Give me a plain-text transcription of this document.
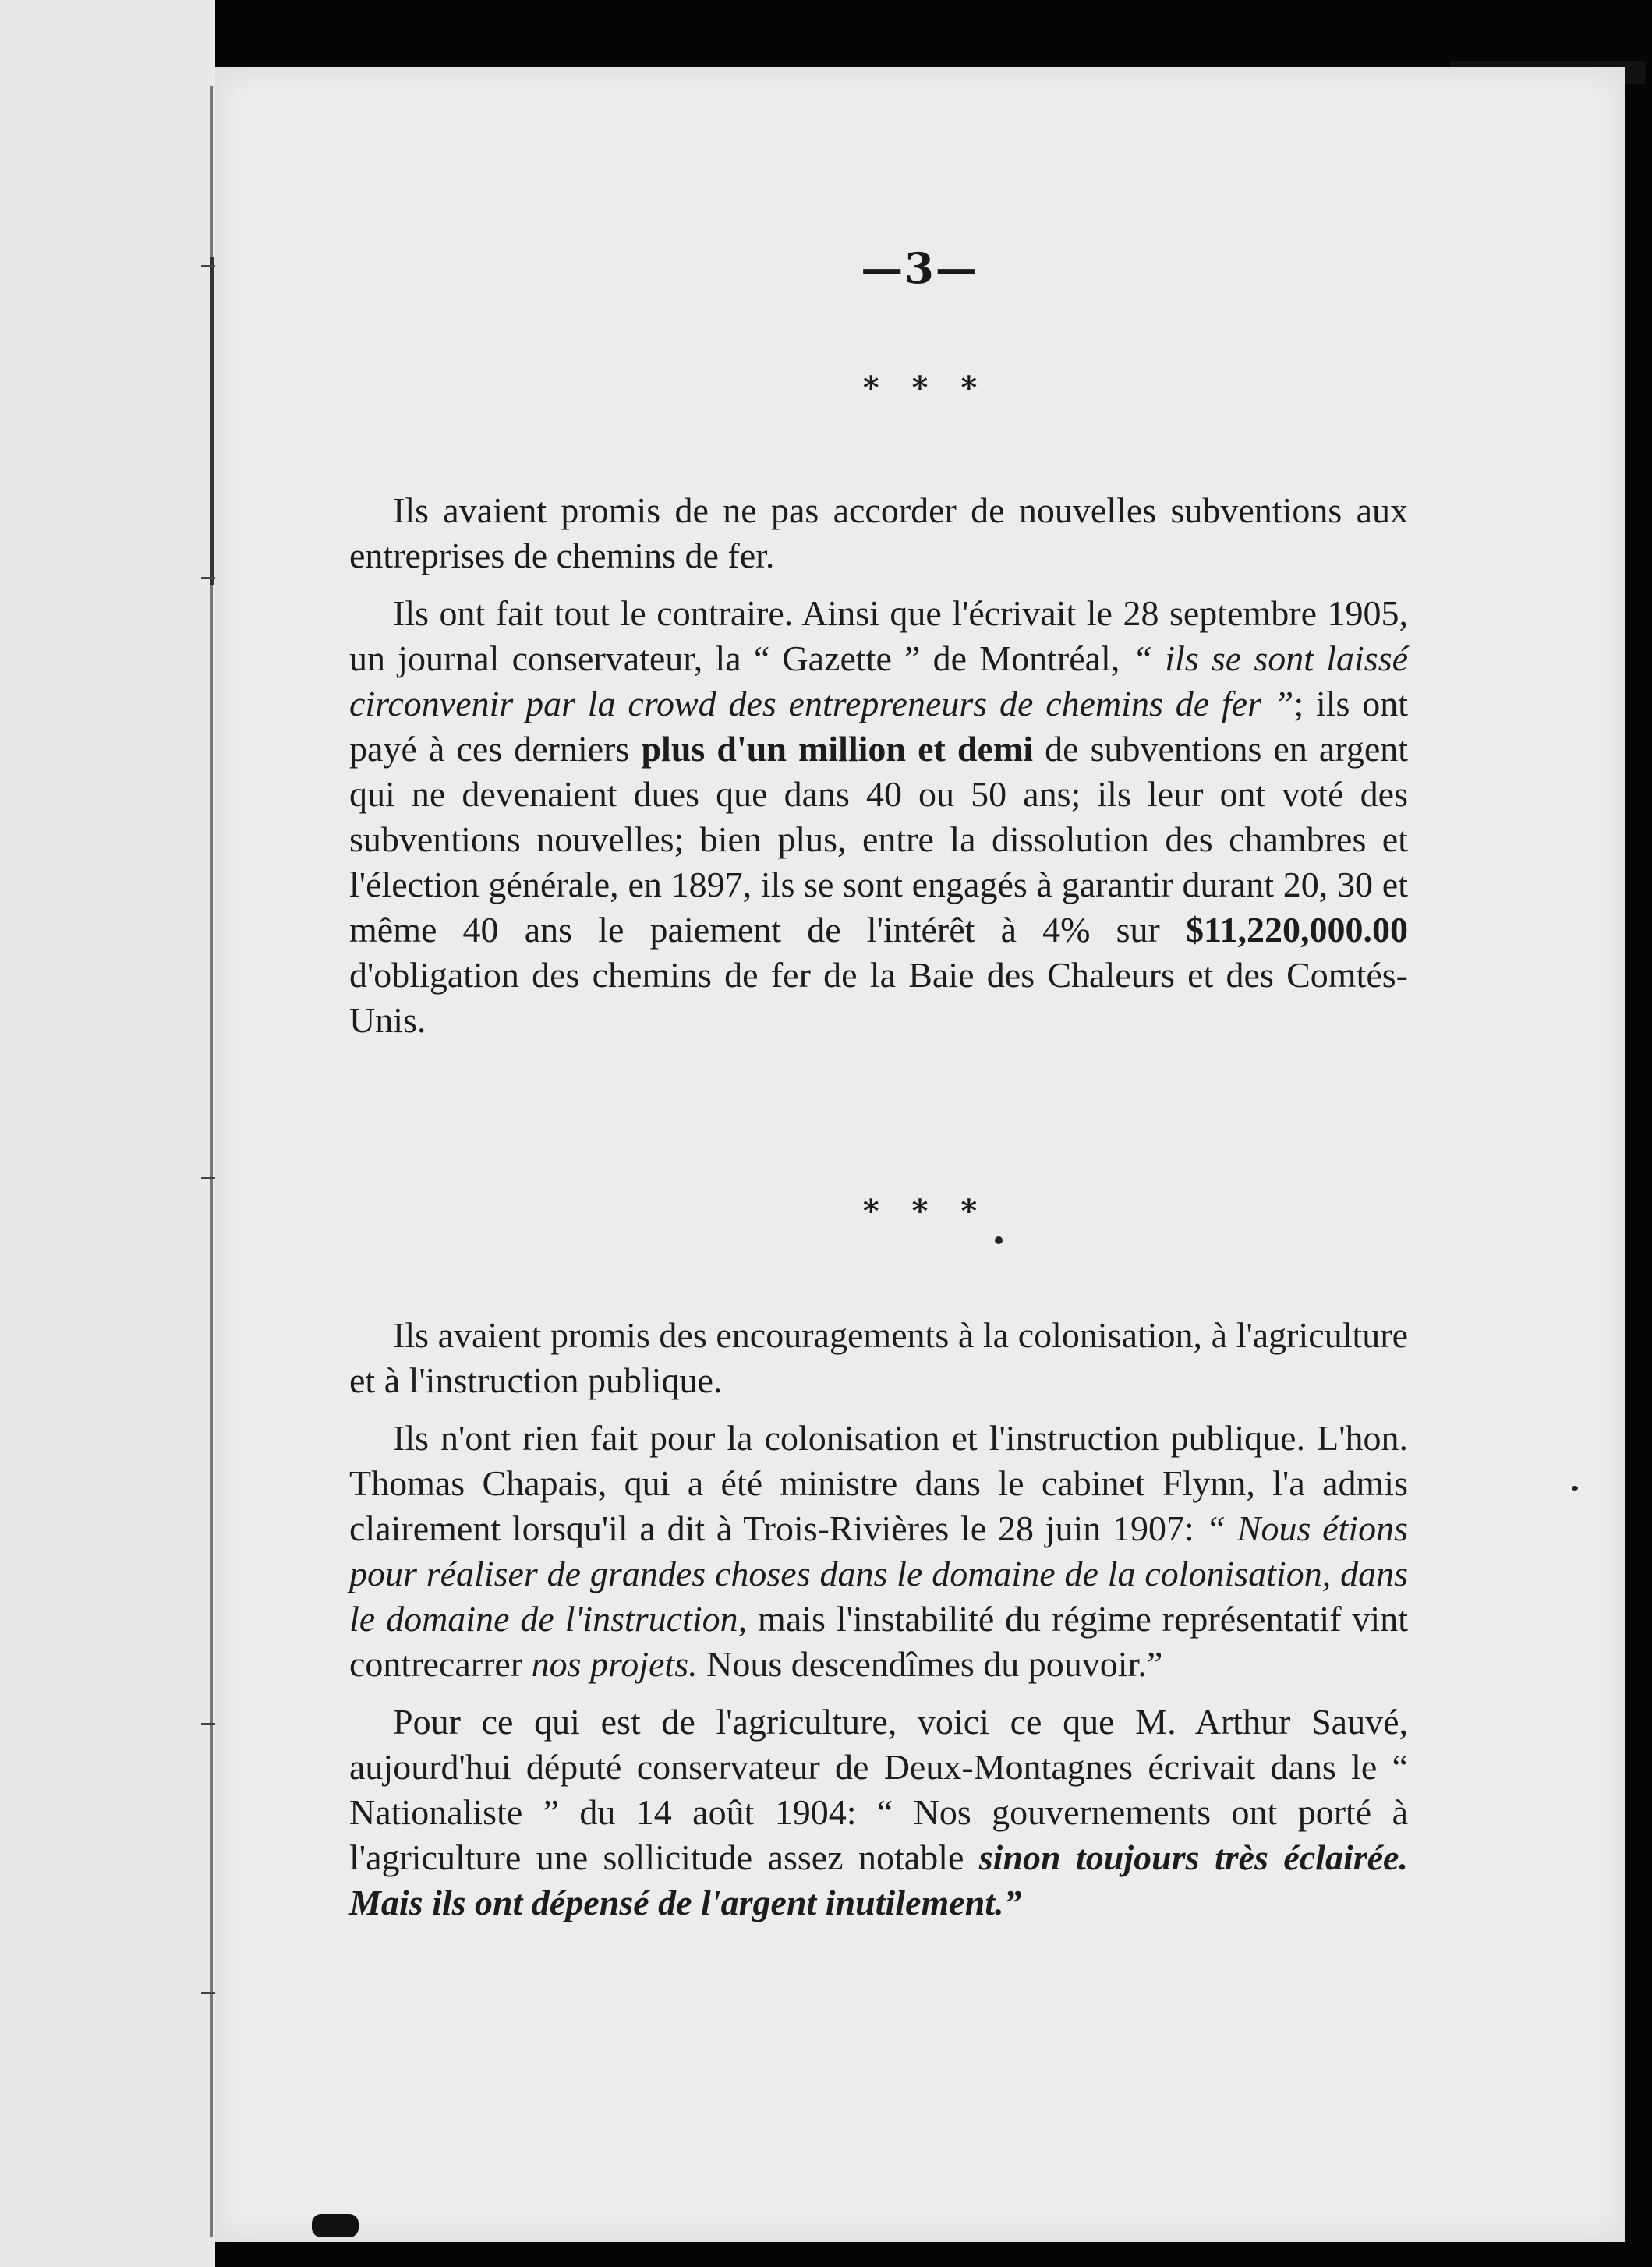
—3—
* * *

Ils avaient promis de ne pas accorder de nouvelles subventions aux entreprises de chemins de fer.

Ils ont fait tout le contraire. Ainsi que l'écrivait le 28 septembre 1905, un journal conservateur, la “ Gazette ” de Montréal, “ ils se sont laissé circonvenir par la crowd des entrepreneurs de chemins de fer ”; ils ont payé à ces derniers plus d'un million et demi de subventions en argent qui ne devenaient dues que dans 40 ou 50 ans; ils leur ont voté des subventions nouvelles; bien plus, entre la dissolution des chambres et l'élection générale, en 1897, ils se sont engagés à garantir durant 20, 30 et même 40 ans le paiement de l'intérêt à 4% sur $11,220,000.00 d'obligation des chemins de fer de la Baie des Chaleurs et des Comtés-Unis.

* * *

Ils avaient promis des encouragements à la colonisation, à l'agriculture et à l'instruction publique.

Ils n'ont rien fait pour la colonisation et l'instruction publique. L'hon. Thomas Chapais, qui a été ministre dans le cabinet Flynn, l'a admis clairement lorsqu'il a dit à Trois-Rivières le 28 juin 1907: “ Nous étions pour réaliser de grandes choses dans le domaine de la colonisation, dans le domaine de l'instruction, mais l'instabilité du régime représentatif vint contrecarrer nos projets. Nous descendîmes du pouvoir.”

Pour ce qui est de l'agriculture, voici ce que M. Arthur Sauvé, aujourd'hui député conservateur de Deux-Montagnes écrivait dans le “ Nationaliste ” du 14 août 1904: “ Nos gouvernements ont porté à l'agriculture une sollicitude assez notable sinon toujours très éclairée. Mais ils ont dépensé de l'argent inutilement.”
